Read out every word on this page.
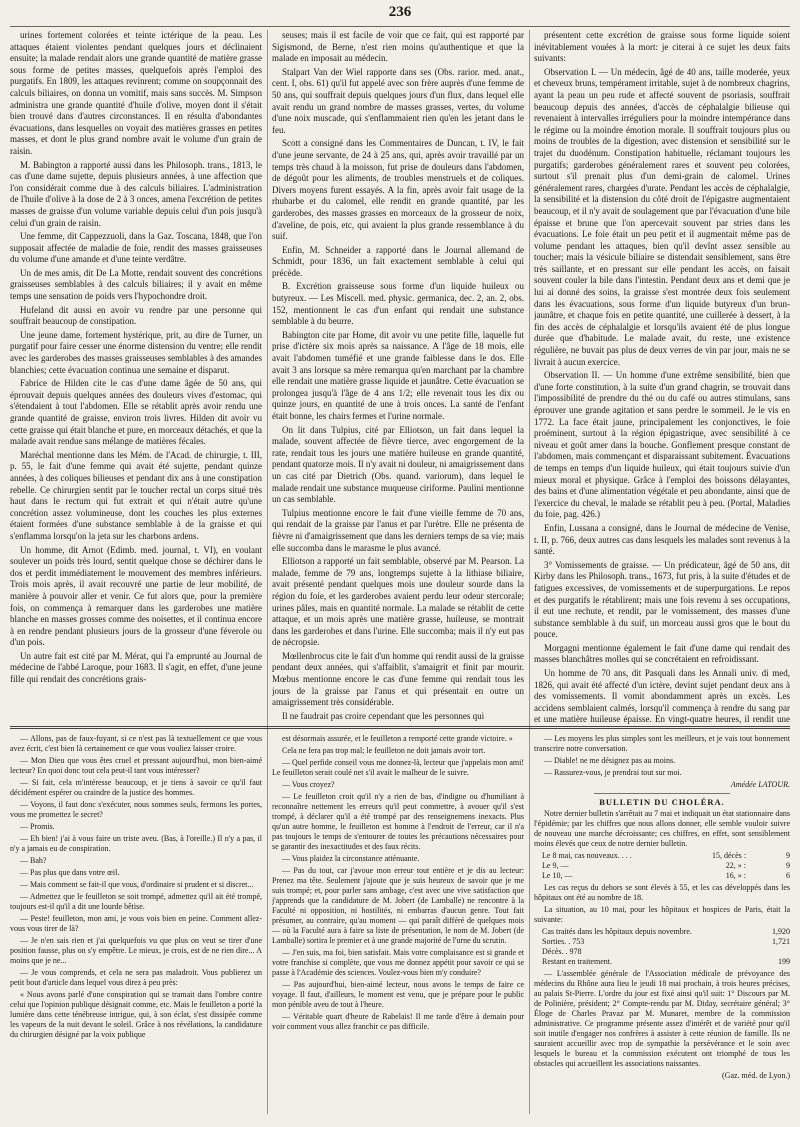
236

urines fortement colorées et teinte ictérique de la peau. Les attaques étaient violentes pendant quelques jours et déclinaient ensuite; la malade rendait alors une grande quantité de matière grasse sous forme de petites masses, quelquefois après l'emploi des purgatifs. En 1809, les attaques revinrent; comme on soupçonnait des calculs biliaires, on donna un vomitif, mais sans succès. M. Simpson administra une grande quantité d'huile d'olive, moyen dont il s'était bien trouvé dans d'autres circonstances. Il en résulta d'abondantes évacuations, dans lesquelles on voyait des matières grasses en petites masses, et dont le plus grand nombre avait le volume d'un grain de raisin.

M. Babington a rapporté aussi dans les Philosoph. trans., 1813, le cas d'une dame sujette, depuis plusieurs années, à une affection que l'on considérait comme due à des calculs biliaires. L'administration de l'huile d'olive à la dose de 2 à 3 onces, amena l'excrétion de petites masses de graisse d'un volume variable depuis celui d'un pois jusqu'à celui d'un grain de raisin.

Une femme, dit Cappezzuoli, dans la Gaz. Toscana, 1848, que l'on supposait affectée de maladie de foie, rendit des masses graisseuses du volume d'une amande et d'une teinte verdâtre.

Un de mes amis, dit De La Motte, rendait souvent des concrétions graisseuses semblables à des calculs biliaires; il y avait en même temps une sensation de poids vers l'hypochondre droit.

Hufeland dit aussi en avoir vu rendre par une personne qui souffrait beaucoup de constipation.

Une jeune dame, fortement hystérique, prit, au dire de Turner, un purgatif pour faire cesser une énorme distension du ventre; elle rendit avec les garderobes des masses graisseuses semblables à des amandes blanchies; cette évacuation continua une semaine et disparut.

Fabrice de Hilden cite le cas d'une dame âgée de 50 ans, qui éprouvait depuis quelques années des douleurs vives d'estomac, qui s'étendaient à tout l'abdomen. Elle se rétablit après avoir rendu une grande quantité de graisse, environ trois livres. Hilden dit avoir vu cette graisse qui était blanche et pure, en morceaux détachés, et que la malade avait rendue sans mélange de matières fécales.

Maréchal mentionne dans les Mém. de l'Acad. de chirurgie, t. III, p. 55, le fait d'une femme qui avait été sujette, pendant quinze années, à des coliques bilieuses et pendant dix ans à une constipation rebelle. Ce chirurgien sentit par le toucher rectal un corps situé très haut dans le rectum qui fut extrait et qui n'était autre qu'une concrétion assez volumineuse, dont les couches les plus externes étaient formées d'une substance semblable à de la graisse et qui s'enflamma lorsqu'on la jeta sur les charbons ardens.

Un homme, dit Arnot (Edimb. med. journal, t. VI), en voulant soulever un poids très lourd, sentit quelque chose se déchirer dans le dos et perdit immédiatement le mouvement des membres inférieurs. Trois mois après, il avait recouvré une partie de leur mobilité, de manière à pouvoir aller et venir. Ce fut alors que, pour la première fois, on commença à remarquer dans les garderobes une matière blanche en masses grosses comme des noisettes, et il continua encore à en rendre pendant plusieurs jours de la grosseur d'une féverole ou d'un pois.

Un autre fait est cité par M. Mérat, qui l'a emprunté au Journal de médecine de l'abbé Laroque, pour 1683. Il s'agit, en effet, d'une jeune fille qui rendait des concrétions grais-

seuses; mais il est facile de voir que ce fait, qui est rapporté par Sigismond, de Berne, n'est rien moins qu'authentique et que la malade en imposait au médecin.

Stalpart Van der Wiel rapporte dans ses (Obs. rarior. med. anat., cent. I, obs. 61) qu'il fut appelé avec son frère auprès d'une femme de 50 ans, qui souffrait depuis quelques jours d'un flux, dans lequel elle avait rendu un grand nombre de masses grasses, vertes, du volume d'une noix muscade, qui s'enflammaient rien qu'en les jetant dans le feu.

Scott a consigné dans les Commentaires de Duncan, t. IV, le fait d'une jeune servante, de 24 à 25 ans, qui, après avoir travaillé par un temps très chaud à la moisson, fut prise de douleurs dans l'abdomen, de dégoût pour les aliments, de troubles menstruels et de coliques. Divers moyens furent essayés. A la fin, après avoir fait usage de la rhubarbe et du calomel, elle rendit en grande quantité, par les garderobes, des masses grasses en morceaux de la grosseur de noix, d'aveline, de pois, etc, qui avaient la plus grande ressemblance à du suif.

Enfin, M. Schneider a rapporté dans le Journal allemand de Schmidt, pour 1836, un fait exactement semblable à celui qui précède.

B. Excrétion graisseuse sous forme d'un liquide huileux ou butyreux. — Les Miscell. med. physic. germanica, dec. 2, an. 2, obs. 152, mentionnent le cas d'un enfant qui rendait une substance semblable à du beurre.

Babington cite par Home, dit avoir vu une petite fille, laquelle fut prise d'ictère six mois après sa naissance. A l'âge de 18 mois, elle avait l'abdomen tuméfié et une grande faiblesse dans le dos. Elle avait 3 ans lorsque sa mère remarqua qu'en marchant par la chambre elle rendait une matière grasse liquide et jaunâtre. Cette évacuation se prolongea jusqu'à l'âge de 4 ans 1/2; elle revenait tous les dix ou quinze jours, en quantité de une à trois onces. La santé de l'enfant était bonne, les chairs fermes et l'urine normale.

On lit dans Tulpius, cité par Elliotson, un fait dans lequel la malade, souvent affectée de fièvre tierce, avec engorgement de la rate, rendait tous les jours une matière huileuse en grande quantité, pendant quatorze mois. Il n'y avait ni douleur, ni amaigrissement dans un cas cité par Dietrich (Obs. quand. variorum), dans lequel le malade rendait une substance muqueuse ciriforme. Paulini mentionne un cas semblable.

Tulpius mentionne encore le fait d'une vieille femme de 70 ans, qui rendait de la graisse par l'anus et par l'urètre. Elle ne présenta de fièvre ni d'amaigrissement que dans les derniers temps de sa vie; mais elle succomba dans le marasme le plus avancé.

Elliotson a rapporté un fait semblable, observé par M. Pearson. La malade, femme de 79 ans, longtemps sujette à la lithiase biliaire, avait présenté pendant quelques mois une douleur sourde dans la région du foie, et les garderobes avaient perdu leur odeur stercorale; urines pâles, mais en quantité normale. La malade se rétablit de cette attaque, et un mois après une matière grasse, huileuse, se montrait dans les garderobes et dans l'urine. Elle succomba; mais il n'y eut pas de nécropsie.

Mœllenbrocus cite le fait d'un homme qui rendit aussi de la graisse pendant deux années, qui s'affaiblit, s'amaigrit et finit par mourir. Mœbus mentionne encore le cas d'une femme qui rendait tous les jours de la graisse par l'anus et qui présentait en outre un amaigrissement très considérable.

Il ne faudrait pas croire cependant que les personnes qui

présentent cette excrétion de graisse sous forme liquide soient inévitablement vouées à la mort: je citerai à ce sujet les deux faits suivants:

Observation I. — Un médecin, âgé de 40 ans, taille moderée, yeux et cheveux bruns, tempérament irritable, sujet à de nombreux chagrins, ayant la peau un peu rude et affecté souvent de psoriasis, souffrait beaucoup depuis des années, d'accès de céphalalgie bilieuse qui revenaient à intervalles irréguliers pour la moindre intempérance dans le régime ou la moindre émotion morale. Il souffrait toujours plus ou moins de troubles de la digestion, avec distension et sensibilité sur le trajet du duodénum. Constipation habituelle, réclamant toujours les purgatifs; garderobes généralement rares et souvent peu colorées, surtout s'il prenait plus d'un demi-grain de calomel. Urines généralement rares, chargées d'urate. Pendant les accès de céphalalgie, la sensibilité et la distension du côté droit de l'épigastre augmentaient beaucoup, et il n'y avait de soulagement que par l'évacuation d'une bile épaisse et brune que l'on apercevait souvent par stries dans les évacuations. Le foie était un peu petit et il augmentait même pas de volume pendant les attaques, bien qu'il devînt assez sensible au toucher; mais la vésicule biliaire se distendait sensiblement, sans être très saillante, et en pressant sur elle pendant les accès, on faisait souvent couler la bile dans l'intestin. Pendant deux ans et demi que je lui ai donné des soins, la graisse s'est montrée deux fois seulement dans les évacuations, sous forme d'un liquide butyreux d'un brun-jaunâtre, et chaque fois en petite quantité, une cuillerée à dessert, à la fin des accès de céphalalgie et lorsqu'ils avaient été de plus longue durée que d'habitude. Le malade avait, du reste, une existence régulière, ne buvait pas plus de deux verres de vin par jour, mais ne se livrait à aucun exercice.

Observation II. — Un homme d'une extrême sensibilité, bien que d'une forte constitution, à la suite d'un grand chagrin, se trouvait dans l'impossibilité de prendre du thé ou du café ou autres stimulans, sans éprouver une grande agitation et sans perdre le sommeil. Je le vis en 1772. La face était jaune, principalement les conjonctives, le foie proéminent, surtout à la région épigastrique, avec sensibilité à ce niveau et goût amer dans la bouche. Gonflement presque constant de l'abdomen, mais commençant et disparaissant subitement. Évacuations de temps en temps d'un liquide huileux, qui était toujours suivie d'un mieux moral et physique. Grâce à l'emploi des boissons délayantes, des bains et d'une alimentation végétale et peu abondante, ainsi que de l'exercice du cheval, le malade se rétablit peu à peu. (Portal, Maladies du foie, pag. 426.)

Enfin, Lussana a consigné, dans le Journal de médecine de Venise, t. II, p. 766, deux autres cas dans lesquels les malades sont revenus à la santé.

3° Vomissements de graisse. — Un prédicateur, âgé de 50 ans, dit Kirby dans les Philosoph. trans., 1673, fut pris, à la suite d'études et de fatigues excessives, de vomissements et de superpurgations. Le repos et des purgatifs le rétablirent; mais une fois revenu à ses occupations, il eut une rechute, et rendit, par le vomissement, des masses d'une substance semblable à du suif, un morceau aussi gros que le bout du pouce.

Morgagni mentionne également le fait d'une dame qui rendait des masses blanchâtres molles qui se concrétaient en refroidissant.

Un homme de 70 ans, dit Pasquali dans les Annali univ. di med, 1826, qui avait été affecté d'un ictère, devint sujet pendant deux ans à des vomissements. Il vomit abondamment après un excès. Les accidens semblaient calmés, lorsqu'il commença à rendre du sang par et une matière huileuse épaisse. En vingt-quatre heures, il rendit une

— Allons, pas de faux-fuyant, si ce n'est pas là textuellement ce que vous avez écrit, c'est bien là certainement ce que vous vouliez laisser croire.

— Mon Dieu que vous êtes cruel et pressant aujourd'hui, mon bien-aimé lecteur? En quoi donc tout cela peut-il tant vous intéresser?

— Si fait, cela m'intéresse beaucoup, et je tiens à savoir ce qu'il faut décidément espérer ou craindre de la justice des hommes.

— Voyons, il faut donc s'exécuter, nous sommes seuls, fermons les portes, vous me promettez le secret?

— Promis.

— Eh bien! j'ai à vous faire un triste aveu. (Bas, à l'oreille.) Il n'y a pas, il n'y a jamais eu de conspiration.

— Bah?

— Pas plus que dans votre œil.

— Mais comment se fait-il que vous, d'ordinaire si prudent et si discret...

— Admettez que le feuilleton se soit trompé, admettez qu'il ait été trompé, toujours est-il qu'il a dit une lourde bêtise.

— Peste! feuilleton, mon ami, je vous vois bien en peine. Comment allez-vous vous tirer de là?

— Je n'en sais rien et j'ai quelquefois vu que plus on veut se tirer d'une position fausse, plus on s'y empêtre. Le mieux, je crois, est de ne rien dire... A moins que je ne...

— Je vous comprends, et cela ne sera pas maladroit. Vous publierez un petit bout d'article dans lequel vous direz à peu près:

« Nous avons parlé d'une conspiration qui se tramait dans l'ombre contre celui que l'opinion publique désignait comme, etc. Mais le feuilleton a porté la lumière dans cette ténébreuse intrigue, qui, à son éclat, s'est dissipée comme les vapeurs de la nuit devant le soleil. Grâce à nos révélations, la candidature du chirurgien désigné par la voix publique

est désormais assurée, et le feuilleton a remporté cette grande victoire. »

Cela ne fera pas trop mal; le feuilleton ne doit jamais avoir tort.

— Quel perfide conseil vous me donnez-là, lecteur que j'appelais mon ami! Le feuilleton serait coulé net s'il avait le malheur de le suivre.

— Vous croyez?

— Le feuilleton croit qu'il n'y a rien de bas, d'indigne ou d'humiliant à reconnaître nettement les erreurs qu'il peut commettre, à avouer qu'il s'est trompé, à déclarer qu'il a été trompé par des renseignemens inexacts. Plus qu'un autre homme, le feuilleton est homme à l'endroit de l'erreur, car il n'a pas toujours le temps de s'entourer de toutes les précautions nécessaires pour se garantir des inexactitudes et des faux récits.

— Vous plaidez la circonstance atténuante.

— Pas du tout, car j'avoue mon erreur tout entière et je dis au lecteur: Prenez ma tête. Seulement j'ajoute que je suis heureux de savoir que je me suis trompé; et, pour parler sans ambage, c'est avec une vive satisfaction que j'apprends que la candidature de M. Jobert (de Lamballe) ne rencontre à la Faculté ni opposition, ni hostilités, ni embarras d'aucun genre. Tout fait présumer, au contraire, qu'au moment — qui paraît différé de quelques mois — où la Faculté aura à faire sa liste de présentation, le nom de M. Jobert (de Lamballe) sortira le premier et à une grande majorité de l'urne du scrutin.

— J'en suis, ma foi, bien satisfait. Mais votre complaisance est si grande et votre franchise si complète, que vous me donnez appétit pour savoir ce qui se passe à l'Académie des sciences. Voulez-vous bien m'y conduire?

— Pas aujourd'hui, bien-aimé lecteur, nous avons le temps de faire ce voyage. Il faut, d'ailleurs, le moment est venu, que je prépare pour le public mon pénible aveu de tout à l'heure.

— Véritable quart d'heure de Rabelais! Il me tarde d'être à demain pour voir comment vous allez franchir ce pas difficile.

— Les moyens les plus simples sont les meilleurs, et je vais tout bonnement transcrire notre conversation.

— Diable! ne me désignez pas au moins.

— Rassurez-vous, je prendrai tout sur moi.

Amédée LATOUR.

BULLETIN DU CHOLÉRA.

Notre dernier bulletin s'arrêtait au 7 mai et indiquait un état stationnaire dans l'épidémie; par les chiffres que nous allons donner, elle semble vouloir suivre de nouveau une marche décroissante; ces chiffres, en effet, sont sensiblement moins élevés que ceux de notre dernier bulletin.

Le 8 mai, cas nouveaux. . . .	15, décès :	9
Le 9, —	22, » :	9
Le 10, —	16, » :	6

Les cas reçus du dehors se sont élevés à 55, et les cas développés dans les hôpitaux ont été au nombre de 18.

La situation, au 10 mai, pour les hôpitaux et hospices de Paris, était la suivante:

Cas traités dans les hôpitaux depuis novembre.	1,920
Sorties. . 753	1,721
Décès. . 978
Restant en traitement.	199

— L'assemblée générale de l'Association médicale de prévoyance des médecins du Rhône aura lieu le jeudi 18 mai prochain, à trois heures précises, au palais St-Pierre. L'ordre du jour est fixé ainsi qu'il suit: 1° Discours par M. de Polinière, président; 2° Compte-rendu par M. Diday, secrétaire général; 3° Éloge de Charles Pravaz par M. Munaret, membre de la commission administrative. Ce programme présente assez d'intérêt et de variété pour qu'il soit inutile d'engager nos confrères à assister à cette réunion de famille. Ils ne sauraient accueillir avec trop de sympathie la persévérance et le soin avec lesquels le bureau et la commission exécutent ont triomphé de tous les obstacles qui accueillent les associations naissantes.

(Gaz. méd. de Lyon.)
